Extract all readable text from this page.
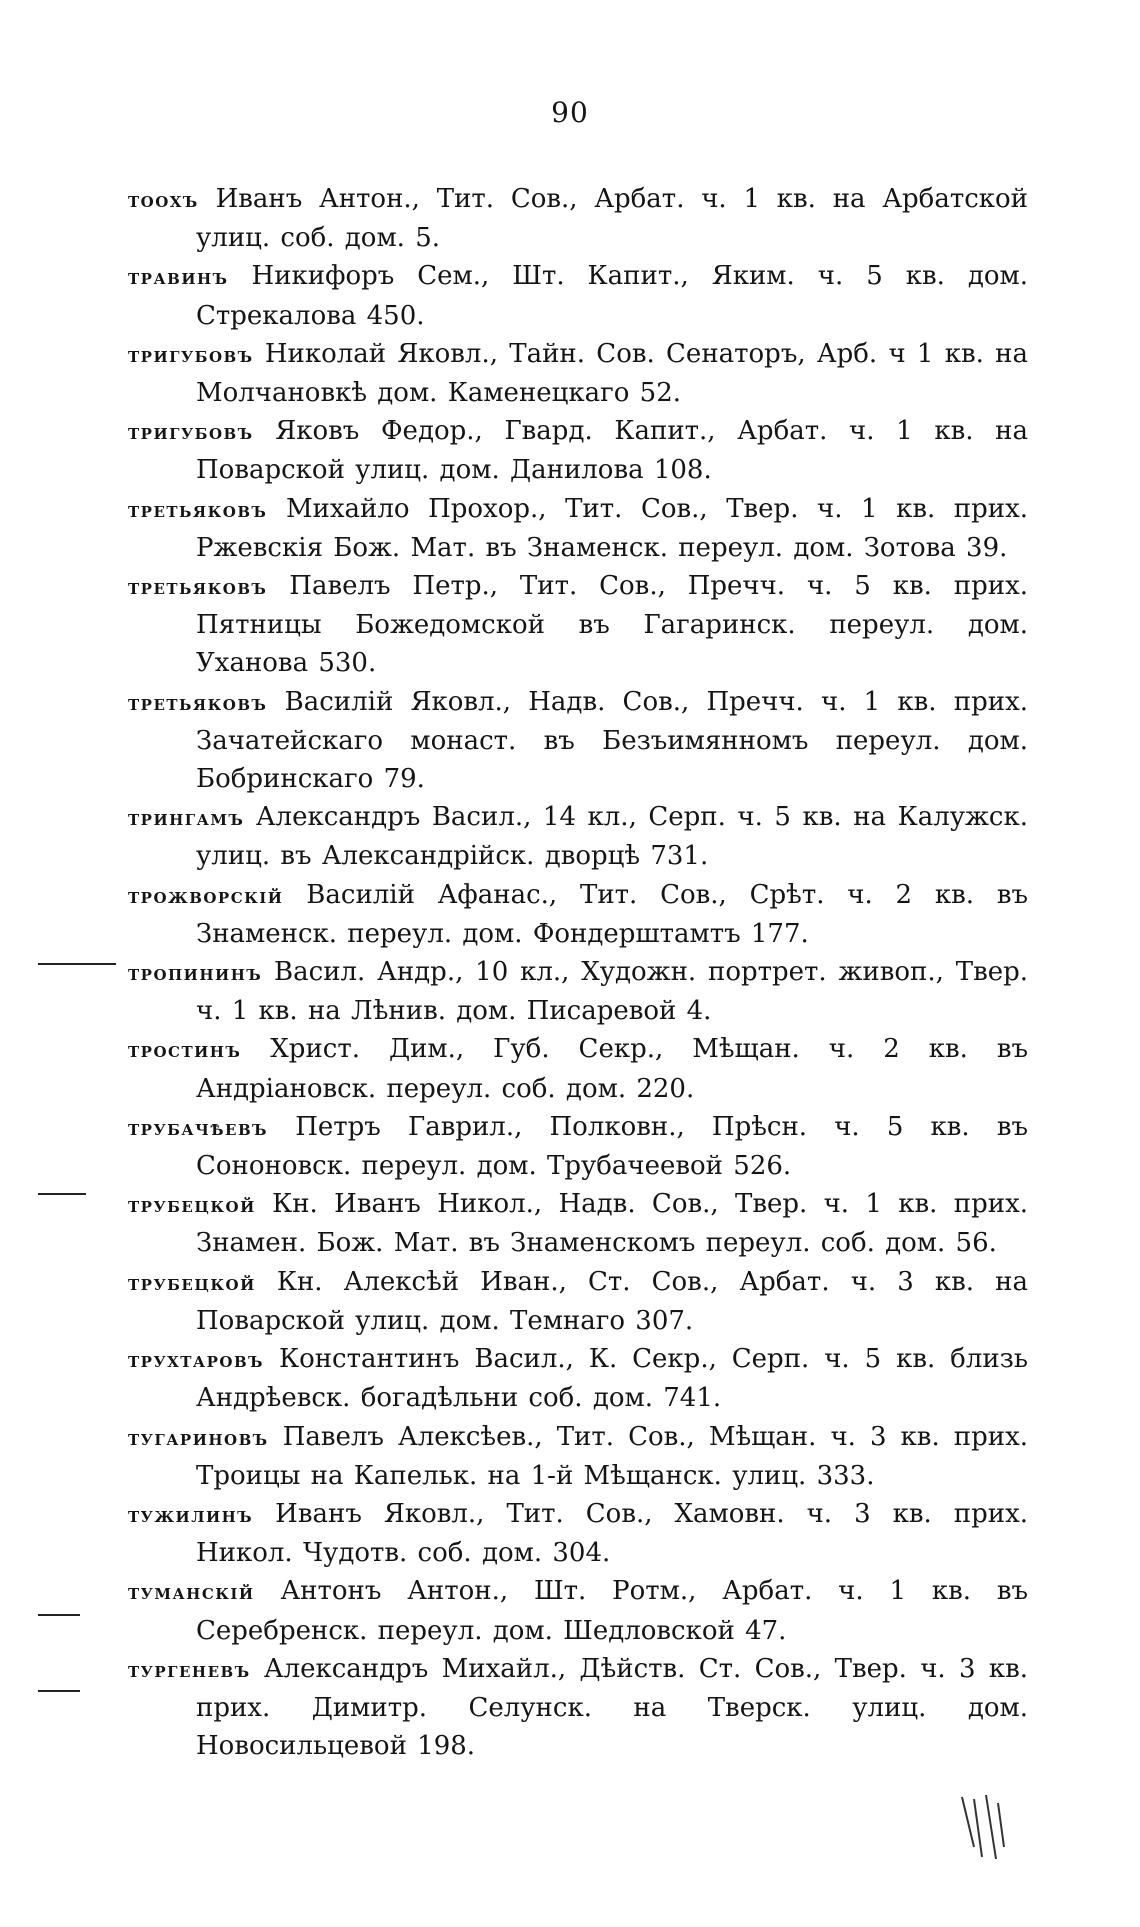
90

тоохъ Иванъ Антон., Тит. Сов., Арбат. ч. 1 кв. на Арбатской улиц. соб. дом. 5.

травинъ Никифоръ Сем., Шт. Капит., Яким. ч. 5 кв. дом. Стрекалова 450.

тригубовъ Николай Яковл., Тайн. Сов. Сенаторъ, Арб. ч 1 кв. на Молчановкѣ дом. Каменецкаго 52.

тригубовъ Яковъ Федор., Гвард. Капит., Арбат. ч. 1 кв. на Поварской улиц. дом. Данилова 108.

третьяковъ Михайло Прохор., Тит. Сов., Твер. ч. 1 кв. прих. Ржевскія Бож. Мат. въ Знаменск. переул. дом. Зотова 39.

третьяковъ Павелъ Петр., Тит. Сов., Пречч. ч. 5 кв. прих. Пятницы Божедомской въ Гагаринск. переул. дом. Уханова 530.

третьяковъ Василій Яковл., Надв. Сов., Пречч. ч. 1 кв. прих. Зачатейскаго монаст. въ Безъимянномъ переул. дом. Бобринскаго 79.

трингамъ Александръ Васил., 14 кл., Серп. ч. 5 кв. на Калужск. улиц. въ Александрійск. дворцѣ 731.

трожворскій Василій Афанас., Тит. Сов., Срѣт. ч. 2 кв. въ Знаменск. переул. дом. Фондерштамтъ 177.

тропининъ Васил. Андр., 10 кл., Художн. портрет. живоп., Твер. ч. 1 кв. на Лѣнив. дом. Писаревой 4.

тростинъ Христ. Дим., Губ. Секр., Мѣщан. ч. 2 кв. въ Андріановск. переул. соб. дом. 220.

трубачѣевъ Петръ Гаврил., Полковн., Прѣсн. ч. 5 кв. въ Сононовск. переул. дом. Трубачеевой 526.

трубецкой Кн. Иванъ Никол., Надв. Сов., Твер. ч. 1 кв. прих. Знамен. Бож. Мат. въ Знаменскомъ переул. соб. дом. 56.

трубецкой Кн. Алексѣй Иван., Ст. Сов., Арбат. ч. 3 кв. на Поварской улиц. дом. Темнаго 307.

трухтаровъ Константинъ Васил., К. Секр., Серп. ч. 5 кв. близь Андрѣевск. богадѣльни соб. дом. 741.

тугариновъ Павелъ Алексѣев., Тит. Сов., Мѣщан. ч. 3 кв. прих. Троицы на Капельк. на 1-й Мѣщанск. улиц. 333.

тужилинъ Иванъ Яковл., Тит. Сов., Хамовн. ч. 3 кв. прих. Никол. Чудотв. соб. дом. 304.

туманскій Антонъ Антон., Шт. Ротм., Арбат. ч. 1 кв. въ Серебренск. переул. дом. Шедловской 47.

тургеневъ Александръ Михайл., Дѣйств. Ст. Сов., Твер. ч. 3 кв. прих. Димитр. Селунск. на Тверск. улиц. дом. Новосильцевой 198.
